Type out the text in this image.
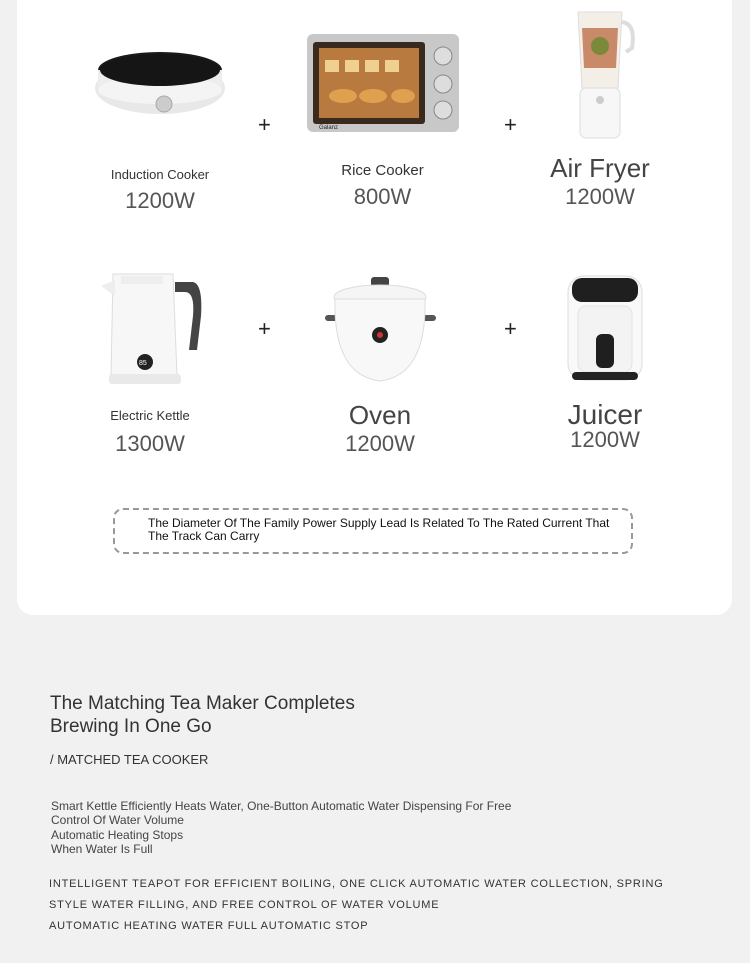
Induction Cooker
1200W
+	Galanz
Rice Cooker
800W
+
Air Fryer
1200W
85
Electric Kettle
1300W
+
Oven
1200W
+
Juicer
1200W
The Diameter Of The Family Power Supply Lead Is Related To The Rated Current That The Track Can Carry
The Matching Tea Maker Completes Brewing In One Go
/ MATCHED TEA COOKER
Smart Kettle Efficiently Heats Water, One-Button Automatic Water Dispensing For Free Control Of Water Volume
Automatic Heating Stops When Water Is Full
INTELLIGENT TEAPOT FOR EFFICIENT BOILING, ONE CLICK AUTOMATIC WATER COLLECTION, SPRING
STYLE WATER FILLING, AND FREE CONTROL OF WATER VOLUME
AUTOMATIC HEATING WATER FULL AUTOMATIC STOP
